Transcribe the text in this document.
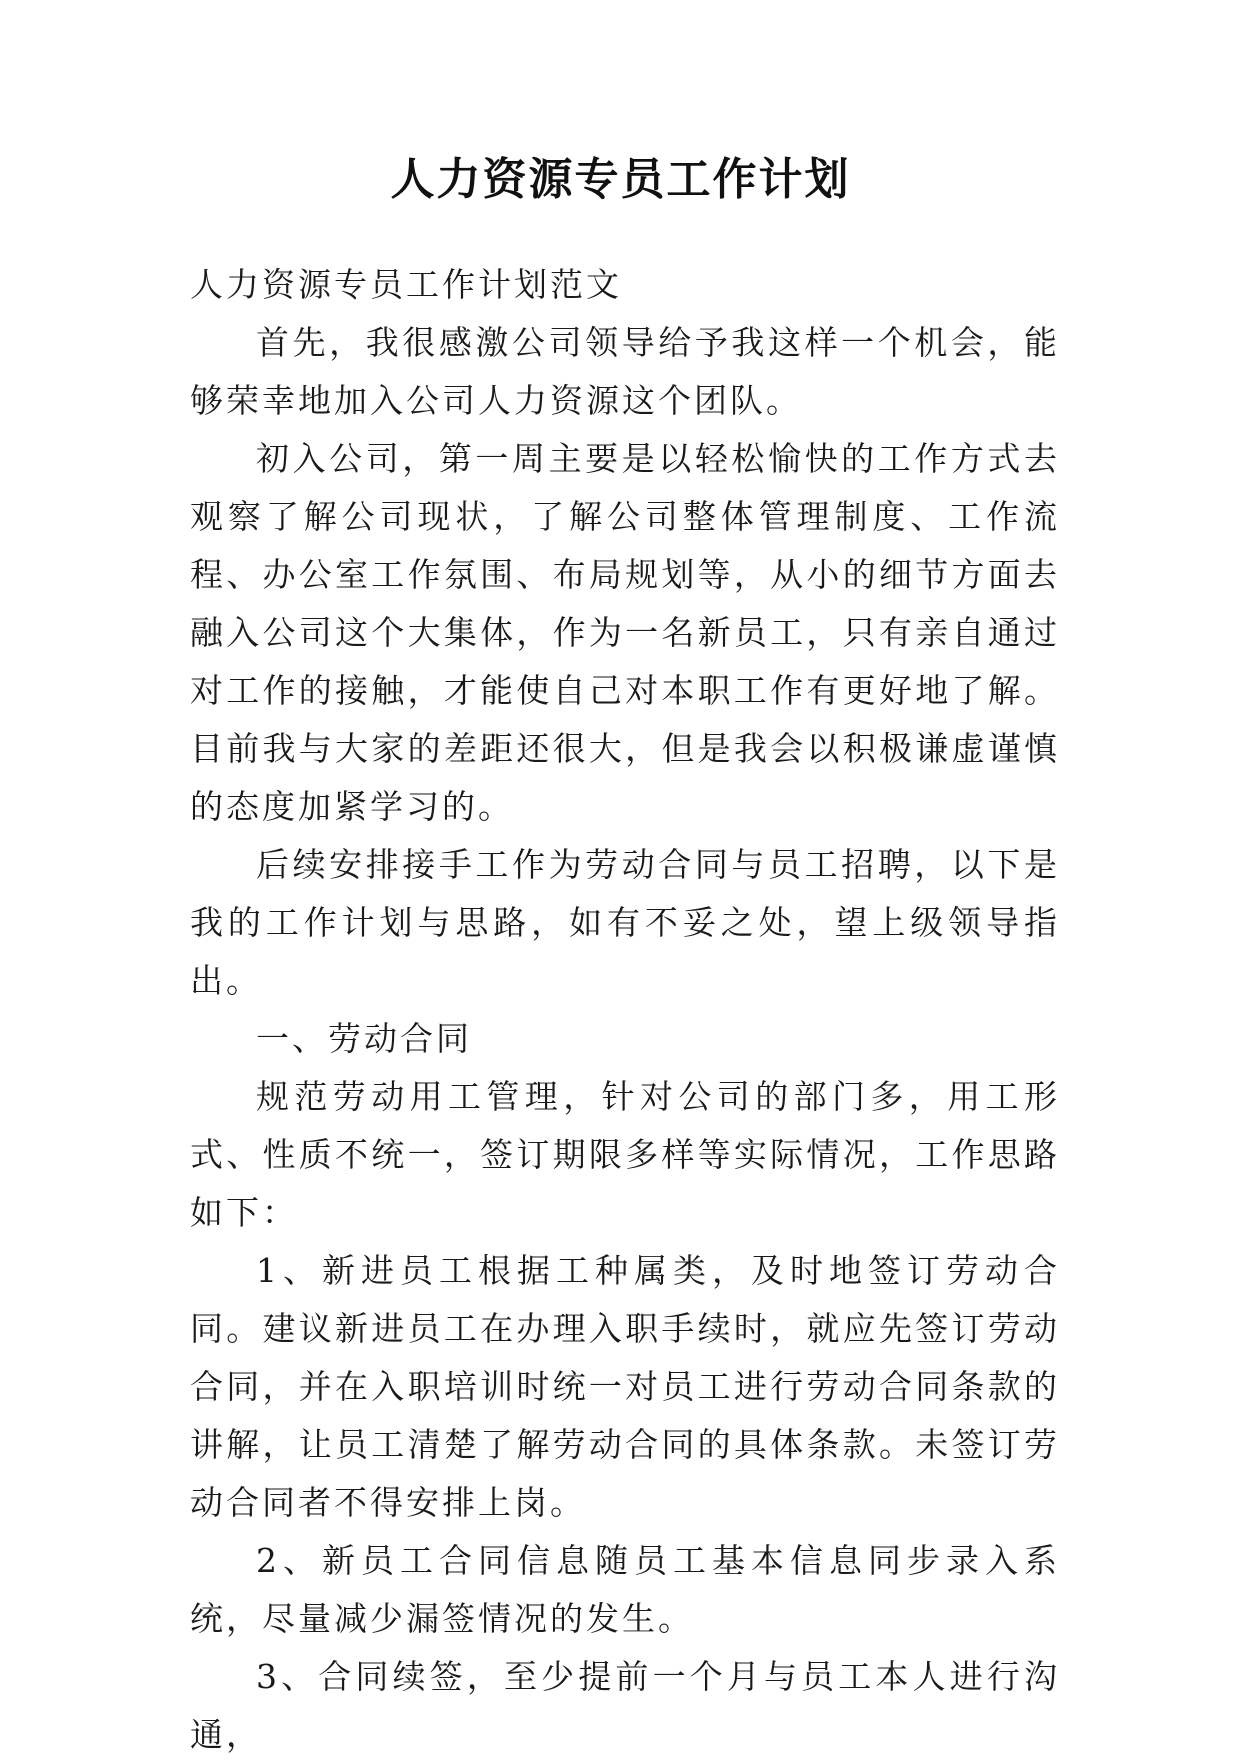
人力资源专员工作计划

人力资源专员工作计划范文

首先，我很感激公司领导给予我这样一个机会，能够荣幸地加入公司人力资源这个团队。

初入公司，第一周主要是以轻松愉快的工作方式去观察了解公司现状，了解公司整体管理制度、工作流程、办公室工作氛围、布局规划等，从小的细节方面去融入公司这个大集体，作为一名新员工，只有亲自通过对工作的接触，才能使自己对本职工作有更好地了解。目前我与大家的差距还很大，但是我会以积极谦虚谨慎的态度加紧学习的。

后续安排接手工作为劳动合同与员工招聘，以下是我的工作计划与思路，如有不妥之处，望上级领导指出。

一、劳动合同

规范劳动用工管理，针对公司的部门多，用工形式、性质不统一，签订期限多样等实际情况，工作思路如下：

1、新进员工根据工种属类，及时地签订劳动合同。建议新进员工在办理入职手续时，就应先签订劳动合同，并在入职培训时统一对员工进行劳动合同条款的讲解，让员工清楚了解劳动合同的具体条款。未签订劳动合同者不得安排上岗。

2、新员工合同信息随员工基本信息同步录入系统，尽量减少漏签情况的发生。

3、合同续签，至少提前一个月与员工本人进行沟通，
